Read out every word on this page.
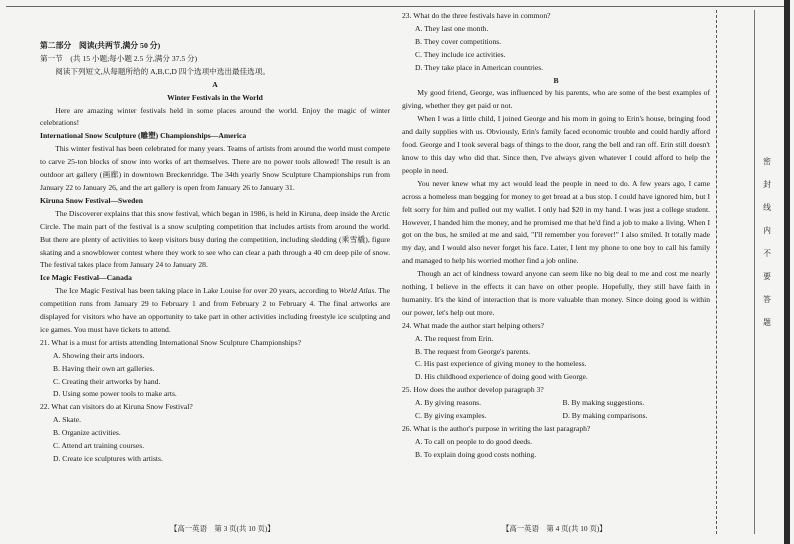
第二部分　阅读(共两节,满分 50 分)

第一节　(共 15 小题;每小题 2.5 分,满分 37.5 分)

阅读下列短文,从每题所给的 A,B,C,D 四个选项中选出最佳选项。

A

Winter Festivals in the World

Here are amazing winter festivals held in some places around the world. Enjoy the magic of winter celebrations!

International Snow Sculpture (雕塑) Championships—America

This winter festival has been celebrated for many years. Teams of artists from around the world must compete to carve 25-ton blocks of snow into works of art themselves. There are no power tools allowed! The result is an outdoor art gallery (画廊) in downtown Breckenridge. The 34th yearly Snow Sculpture Championships run from January 22 to January 26, and the art gallery is open from January 26 to January 31.

Kiruna Snow Festival—Sweden

The Discoverer explains that this snow festival, which began in 1986, is held in Kiruna, deep inside the Arctic Circle. The main part of the festival is a snow sculpting competition that includes artists from around the world. But there are plenty of activities to keep visitors busy during the competition, including sledding (乘雪橇), figure skating and a snowblower contest where they work to see who can clear a path through a 40 cm deep pile of snow. The festival takes place from January 24 to January 28.

Ice Magic Festival—Canada

The Ice Magic Festival has been taking place in Lake Louise for over 20 years, according to World Atlas. The competition runs from January 29 to February 1 and from February 2 to February 4. The final artworks are displayed for visitors who have an opportunity to take part in other activities including freestyle ice sculpting and ice games. You must have tickets to attend.

21. What is a must for artists attending International Snow Sculpture Championships?

A. Showing their arts indoors.

B. Having their own art galleries.

C. Creating their artworks by hand.

D. Using some power tools to make arts.

22. What can visitors do at Kiruna Snow Festival?

A. Skate.

B. Organize activities.

C. Attend art training courses.

D. Create ice sculptures with artists.

23. What do the three festivals have in common?

A. They last one month.

B. They cover competitions.

C. They include ice activities.

D. They take place in American countries.

B

My good friend, George, was influenced by his parents, who are some of the best examples of giving, whether they get paid or not.

When I was a little child, I joined George and his mom in going to Erin's house, bringing food and daily supplies with us. Obviously, Erin's family faced economic trouble and could hardly afford food. George and I took several bags of things to the door, rang the bell and ran off. Erin still doesn't know to this day who did that. Since then, I've always given whatever I could afford to help the people in need.

You never knew what my act would lead the people in need to do. A few years ago, I came across a homeless man begging for money to get bread at a bus stop. I could have ignored him, but I felt sorry for him and pulled out my wallet. I only had $20 in my hand. I was just a college student. However, I handed him the money, and he promised me that he'd find a job to make a living. When I got on the bus, he smiled at me and said, "I'll remember you forever!" I also smiled. It totally made my day, and I would also never forget his face. Later, I lent my phone to one boy to call his family and managed to help his worried mother find a job online.

Though an act of kindness toward anyone can seem like no big deal to me and cost me nearly nothing, I believe in the effects it can have on other people. Hopefully, they still have faith in humanity. It's the kind of interaction that is more valuable than money. Since doing good is within our power, let's help out more.

24. What made the author start helping others?

A. The request from Erin.

B. The request from George's parents.

C. His past experience of giving money to the homeless.

D. His childhood experience of doing good with George.

25. How does the author develop paragraph 3?

A. By giving reasons.	B. By making suggestions.
C. By giving examples.	D. By making comparisons.

26. What is the author's purpose in writing the last paragraph?

A. To call on people to do good deeds.

B. To explain doing good costs nothing.

【高一英语　第 3 页(共 10 页)】	【高一英语　第 4 页(共 10 页)】
密
封
线
内
不
要
答
题
